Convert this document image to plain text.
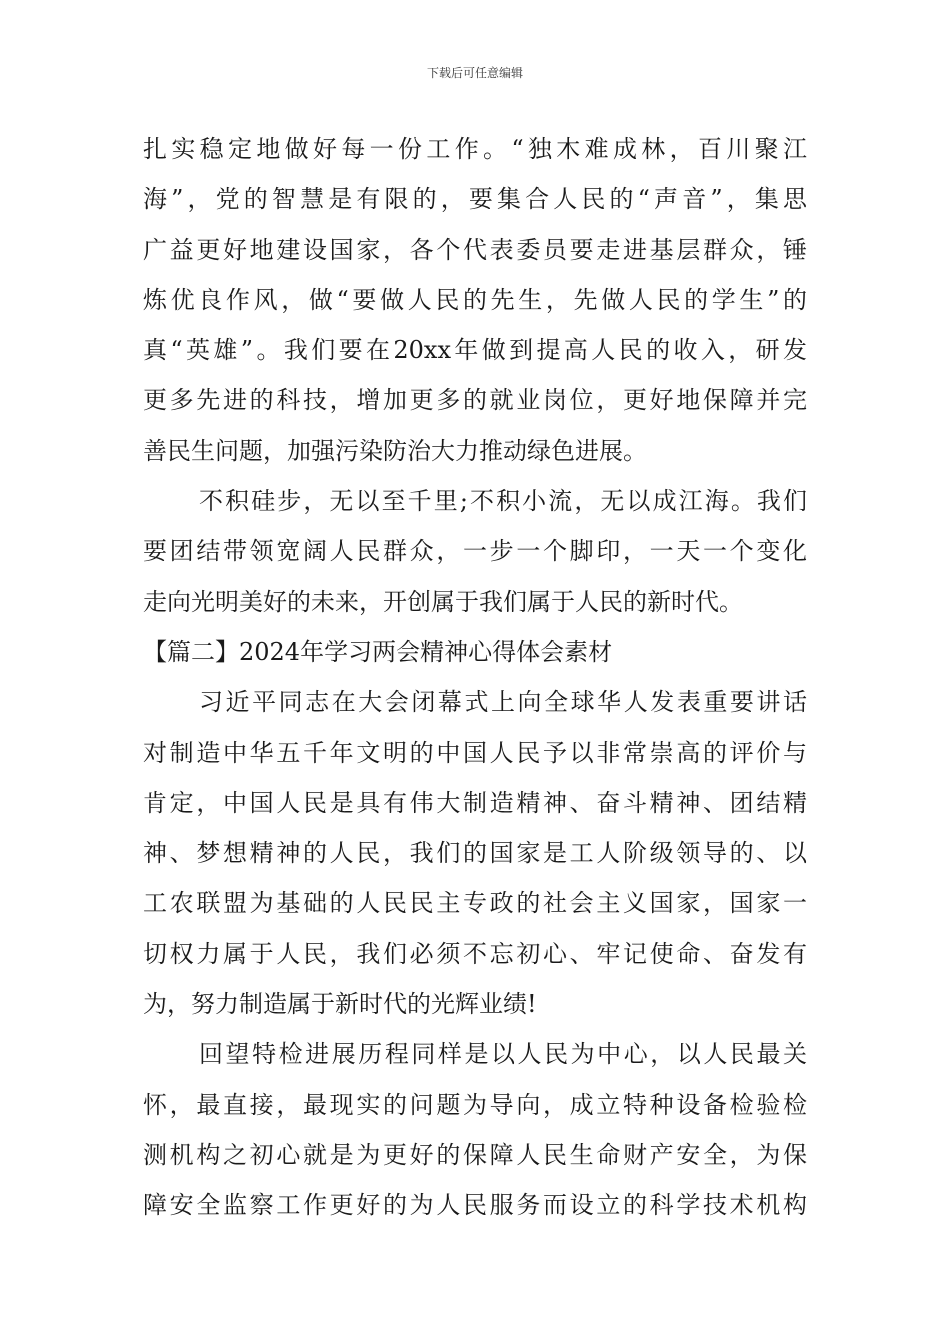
下载后可任意编辑
扎实稳定地做好每一份工作。“独木难成林，百川聚江
海”，党的智慧是有限的，要集合人民的“声音”，集思
广益更好地建设国家，各个代表委员要走进基层群众，锤
炼优良作风，做“要做人民的先生，先做人民的学生”的
真“英雄”。我们要在20xx年做到提高人民的收入，研发
更多先进的科技，增加更多的就业岗位，更好地保障并完
善民生问题，加强污染防治大力推动绿色进展。
不积硅步，无以至千里;不积小流，无以成江海。我们
要团结带领宽阔人民群众，一步一个脚印，一天一个变化
走向光明美好的未来，开创属于我们属于人民的新时代。
【篇二】2024年学习两会精神心得体会素材
习近平同志在大会闭幕式上向全球华人发表重要讲话
对制造中华五千年文明的中国人民予以非常崇高的评价与
肯定，中国人民是具有伟大制造精神、奋斗精神、团结精
神、梦想精神的人民，我们的国家是工人阶级领导的、以
工农联盟为基础的人民民主专政的社会主义国家，国家一
切权力属于人民，我们必须不忘初心、牢记使命、奋发有
为，努力制造属于新时代的光辉业绩!
回望特检进展历程同样是以人民为中心，以人民最关
怀，最直接，最现实的问题为导向，成立特种设备检验检
测机构之初心就是为更好的保障人民生命财产安全，为保
障安全监察工作更好的为人民服务而设立的科学技术机构
